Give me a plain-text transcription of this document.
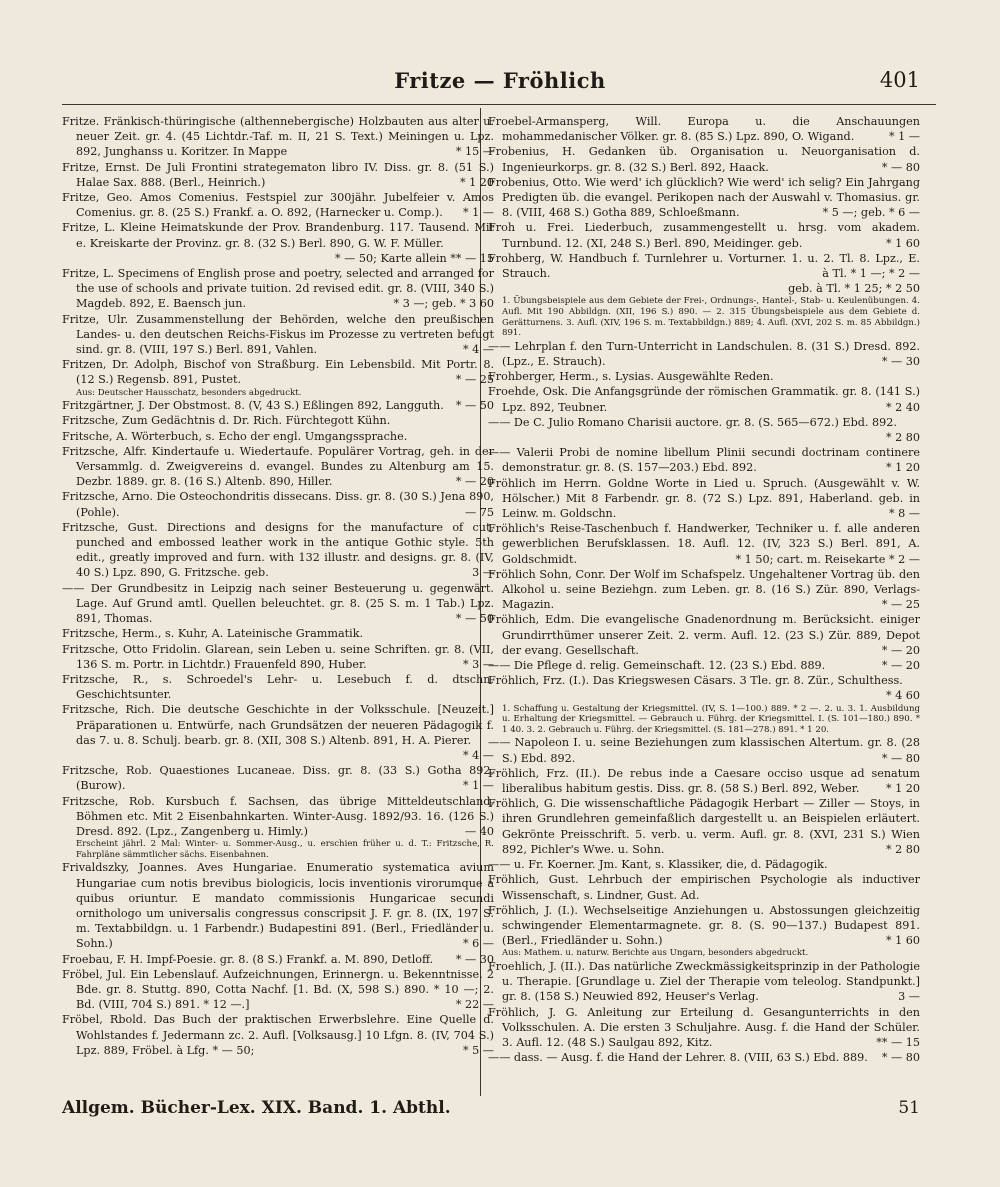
Fritze — Fröhlich	401

Fritze. Fränkisch-thüringische (althennebergische) Holzbauten aus alter u. neuer Zeit. gr. 4. (45 Lichtdr.-Taf. m. II, 21 S. Text.) Meiningen u. Lpz. 892, Junghanss u. Koritzer. In Mappe	* 15 —

Fritze, Ernst. De Juli Frontini strategematon libro IV. Diss. gr. 8. (51 S.) Halae Sax. 888. (Berl., Heinrich.)	* 1 20

Fritze, Geo. Amos Comenius. Festspiel zur 300jähr. Jubelfeier v. Amos Comenius. gr. 8. (25 S.) Frankf. a. O. 892, (Harnecker u. Comp.).	* 1 —

Fritze, L. Kleine Heimatskunde der Prov. Brandenburg. 117. Tausend. Mit e. Kreiskarte der Provinz. gr. 8. (32 S.) Berl. 890, G. W. F. Müller.
* — 50; Karte allein ** — 15

Fritze, L. Specimens of English prose and poetry, selected and arranged for the use of schools and private tuition. 2d revised edit. gr. 8. (VIII, 340 S.) Magdeb. 892, E. Baensch jun.	* 3 —; geb. * 3 60

Fritze, Ulr. Zusammenstellung der Behörden, welche den preußischen Landes- u. den deutschen Reichs-Fiskus im Prozesse zu vertreten befugt sind. gr. 8. (VIII, 197 S.) Berl. 891, Vahlen.	* 4 —

Fritzen, Dr. Adolph, Bischof von Straßburg. Ein Lebensbild. Mit Portr. 8. (12 S.) Regensb. 891, Pustet.	* — 25

Aus: Deutscher Hausschatz, besonders abgedruckt.

Fritzgärtner, J. Der Obstmost. 8. (V, 43 S.) Eßlingen 892, Langguth.	* — 50

Fritzsche, Zum Gedächtnis d. Dr. Rich. Fürchtegott Kühn.

Fritsche, A. Wörterbuch, s. Echo der engl. Umgangssprache.

Fritzsche, Alfr. Kindertaufe u. Wiedertaufe. Populärer Vortrag, geh. in der Versammlg. d. Zweigvereins d. evangel. Bundes zu Altenburg am 15. Dezbr. 1889. gr. 8. (16 S.) Altenb. 890, Hiller.	* — 20

Fritzsche, Arno. Die Osteochondritis dissecans. Diss. gr. 8. (30 S.) Jena 890, (Pohle).	— 75

Fritzsche, Gust. Directions and designs for the manufacture of cut, punched and embossed leather work in the antique Gothic style. 5th edit., greatly improved and furn. with 132 illustr. and designs. gr. 8. (IV, 40 S.) Lpz. 890, G. Fritzsche. geb.	3 —

—— Der Grundbesitz in Leipzig nach seiner Besteuerung u. gegenwärt. Lage. Auf Grund amtl. Quellen beleuchtet. gr. 8. (25 S. m. 1 Tab.) Lpz. 891, Thomas.	* — 50

Fritzsche, Herm., s. Kuhr, A. Lateinische Grammatik.

Fritzsche, Otto Fridolin. Glarean, sein Leben u. seine Schriften. gr. 8. (VII, 136 S. m. Portr. in Lichtdr.) Frauenfeld 890, Huber.	* 3 —

Fritzsche, R., s. Schroedel's Lehr- u. Lesebuch f. d. dtschn. Geschichtsunter.

Fritzsche, Rich. Die deutsche Geschichte in der Volksschule. [Neuzeit.] Präparationen u. Entwürfe, nach Grundsätzen der neueren Pädagogik f. das 7. u. 8. Schulj. bearb. gr. 8. (XII, 308 S.) Altenb. 891, H. A. Pierer.
* 4 —

Fritzsche, Rob. Quaestiones Lucaneae. Diss. gr. 8. (33 S.) Gotha 892, (Burow).	* 1 —

Fritzsche, Rob. Kursbuch f. Sachsen, das übrige Mitteldeutschland, Böhmen etc. Mit 2 Eisenbahnkarten. Winter-Ausg. 1892/93. 16. (126 S.) Dresd. 892. (Lpz., Zangenberg u. Himly.)	— 40

Erscheint jährl. 2 Mal: Winter- u. Sommer-Ausg., u. erschien früher u. d. T.: Fritzsche, R. Fahrpläne sämmtlicher sächs. Eisenbahnen.

Frivaldszky, Joannes. Aves Hungariae. Enumeratio systematica avium Hungariae cum notis brevibus biologicis, locis inventionis virorumque a quibus oriuntur. E mandato commissionis Hungaricae secundi ornithologo um universalis congressus conscripsit J. F. gr. 8. (IX, 197 S. m. Textabbildgn. u. 1 Farbendr.) Budapestini 891. (Berl., Friedländer u. Sohn.)	* 6 —

Froebau, F. H. Impf-Poesie. gr. 8. (8 S.) Frankf. a. M. 890, Detloff.	* — 30

Fröbel, Jul. Ein Lebenslauf. Aufzeichnungen, Erinnergn. u. Bekenntnisse. 2 Bde. gr. 8. Stuttg. 890, Cotta Nachf. [1. Bd. (X, 598 S.) 890. * 10 —; 2. Bd. (VIII, 704 S.) 891. * 12 —.]	* 22 —

Fröbel, Rbold. Das Buch der praktischen Erwerbslehre. Eine Quelle d. Wohlstandes f. Jedermann zc. 2. Aufl. [Volksausg.] 10 Lfgn. 8. (IV, 704 S.) Lpz. 889, Fröbel. à Lfg. * — 50;	* 5 —

Froebel-Armansperg, Will. Europa u. die Anschauungen mohammedanischer Völker. gr. 8. (85 S.) Lpz. 890, O. Wigand.	* 1 —

Frobenius, H. Gedanken üb. Organisation u. Neuorganisation d. Ingenieurkorps. gr. 8. (32 S.) Berl. 892, Haack.	* — 80

Frobenius, Otto. Wie werd' ich glücklich? Wie werd' ich selig? Ein Jahrgang Predigten üb. die evangel. Perikopen nach der Auswahl v. Thomasius. gr. 8. (VIII, 468 S.) Gotha 889, Schloeßmann.	* 5 —; geb. * 6 —

Froh u. Frei. Liederbuch, zusammengestellt u. hrsg. vom akadem. Turnbund. 12. (XI, 248 S.) Berl. 890, Meidinger. geb.	* 1 60

Frohberg, W. Handbuch f. Turnlehrer u. Vorturner. 1. u. 2. Tl. 8. Lpz., E. Strauch.	à Tl. * 1 —; * 2 —

geb. à Tl. * 1 25; * 2 50

1. Übungsbeispiele aus dem Gebiete der Frei-, Ordnungs-, Hantel-, Stab- u. Keulenübungen. 4. Aufl. Mit 190 Abbildgn. (XII, 196 S.) 890. — 2. 315 Übungsbeispiele aus dem Gebiete d. Gerätturnens. 3. Aufl. (XIV, 196 S. m. Textabbildgn.) 889; 4. Aufl. (XVI, 202 S. m. 85 Abbildgn.) 891.

—— Lehrplan f. den Turn-Unterricht in Landschulen. 8. (31 S.) Dresd. 892. (Lpz., E. Strauch).	* — 30

Frohberger, Herm., s. Lysias. Ausgewählte Reden.

Froehde, Osk. Die Anfangsgründe der römischen Grammatik. gr. 8. (141 S.) Lpz. 892, Teubner.	* 2 40

—— De C. Julio Romano Charisii auctore. gr. 8. (S. 565—672.) Ebd. 892.
* 2 80

—— Valerii Probi de nomine libellum Plinii secundi doctrinam continere demonstratur. gr. 8. (S. 157—203.) Ebd. 892.	* 1 20

Fröhlich im Herrn. Goldne Worte in Lied u. Spruch. (Ausgewählt v. W. Hölscher.) Mit 8 Farbendr. gr. 8. (72 S.) Lpz. 891, Haberland. geb. in Leinw. m. Goldschn.	* 8 —

Fröhlich's Reise-Taschenbuch f. Handwerker, Techniker u. f. alle anderen gewerblichen Berufsklassen. 18. Aufl. 12. (IV, 323 S.) Berl. 891, A. Goldschmidt.	* 1 50; cart. m. Reisekarte * 2 —

Fröhlich Sohn, Conr. Der Wolf im Schafspelz. Ungehaltener Vortrag üb. den Alkohol u. seine Beziehgn. zum Leben. gr. 8. (16 S.) Zür. 890, Verlags-Magazin.	* — 25

Fröhlich, Edm. Die evangelische Gnadenordnung m. Berücksicht. einiger Grundirrthümer unserer Zeit. 2. verm. Aufl. 12. (23 S.) Zür. 889, Depot der evang. Gesellschaft.	* — 20

—— Die Pflege d. relig. Gemeinschaft. 12. (23 S.) Ebd. 889.	* — 20

Fröhlich, Frz. (I.). Das Kriegswesen Cäsars. 3 Tle. gr. 8. Zür., Schulthess.
* 4 60

1. Schaffung u. Gestaltung der Kriegsmittel. (IV, S. 1—100.) 889. * 2 —. 2. u. 3. 1. Ausbildung u. Erhaltung der Kriegsmittel. — Gebrauch u. Führg. der Kriegsmittel. I. (S. 101—180.) 890. * 1 40. 3. 2. Gebrauch u. Führg. der Kriegsmittel. (S. 181—278.) 891. * 1 20.

—— Napoleon I. u. seine Beziehungen zum klassischen Altertum. gr. 8. (28 S.) Ebd. 892.	* — 80

Fröhlich, Frz. (II.). De rebus inde a Caesare occiso usque ad senatum liberalibus habitum gestis. Diss. gr. 8. (58 S.) Berl. 892, Weber.	* 1 20

Fröhlich, G. Die wissenschaftliche Pädagogik Herbart — Ziller — Stoys, in ihren Grundlehren gemeinfaßlich dargestellt u. an Beispielen erläutert. Gekrönte Preisschrift. 5. verb. u. verm. Aufl. gr. 8. (XVI, 231 S.) Wien 892, Pichler's Wwe. u. Sohn.	* 2 80

—— u. Fr. Koerner. Jm. Kant, s. Klassiker, die, d. Pädagogik.

Fröhlich, Gust. Lehrbuch der empirischen Psychologie als inductiver Wissenschaft, s. Lindner, Gust. Ad.

Fröhlich, J. (I.). Wechselseitige Anziehungen u. Abstossungen gleichzeitig schwingender Elementarmagnete. gr. 8. (S. 90—137.) Budapest 891. (Berl., Friedländer u. Sohn.)	* 1 60

Aus: Mathem. u. naturw. Berichte aus Ungarn, besonders abgedruckt.

Froehlich, J. (II.). Das natürliche Zweckmässigkeitsprinzip in der Pathologie u. Therapie. [Grundlage u. Ziel der Therapie vom teleolog. Standpunkt.] gr. 8. (158 S.) Neuwied 892, Heuser's Verlag.	3 —

Fröhlich, J. G. Anleitung zur Erteilung d. Gesangunterrichts in den Volksschulen. A. Die ersten 3 Schuljahre. Ausg. f. die Hand der Schüler. 3. Aufl. 12. (48 S.) Saulgau 892, Kitz.	** — 15

—— dass. — Ausg. f. die Hand der Lehrer. 8. (VIII, 63 S.) Ebd. 889.	* — 80

Allgem. Bücher-Lex. XIX. Band. 1. Abthl.	51
